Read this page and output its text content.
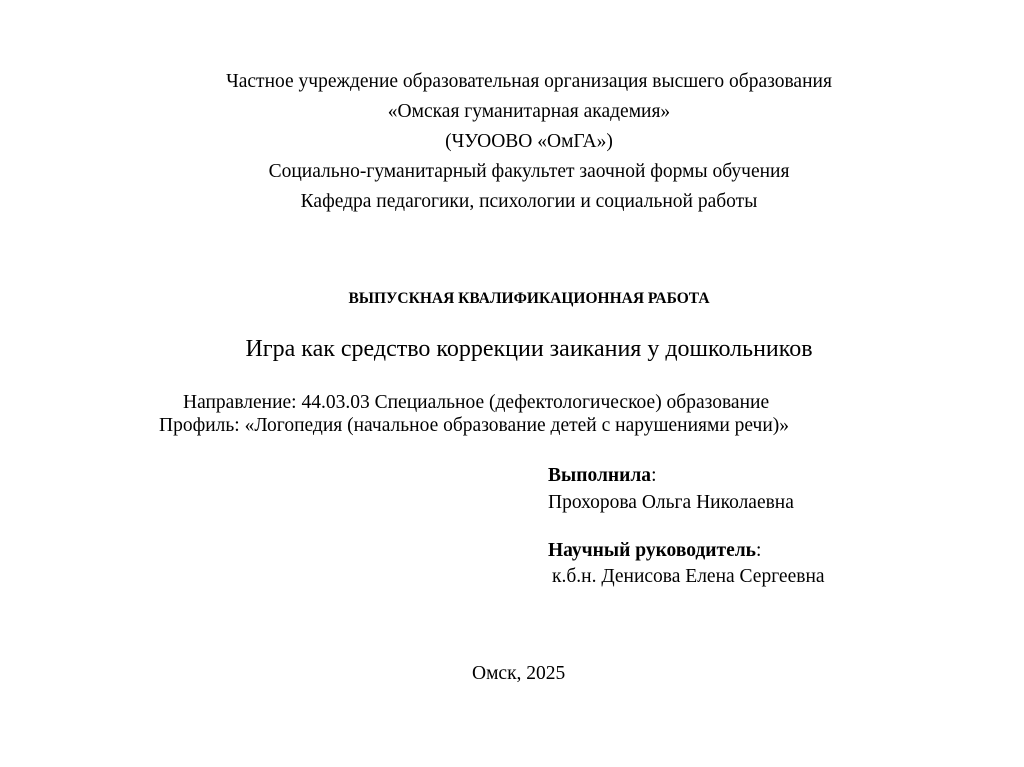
Частное учреждение образовательная организация высшего образования
«Омская гуманитарная академия»
(ЧУООВО «ОмГА»)
Социально-гуманитарный факультет заочной формы обучения
Кафедра педагогики, психологии и социальной работы
ВЫПУСКНАЯ КВАЛИФИКАЦИОННАЯ РАБОТА
Игра как средство коррекции заикания у дошкольников
Направление: 44.03.03 Специальное (дефектологическое) образование
Профиль: «Логопедия (начальное образование детей с нарушениями речи)»
Выполнила:
Прохорова Ольга Николаевна
Научный руководитель:
к.б.н. Денисова Елена Сергеевна
Омск, 2025
